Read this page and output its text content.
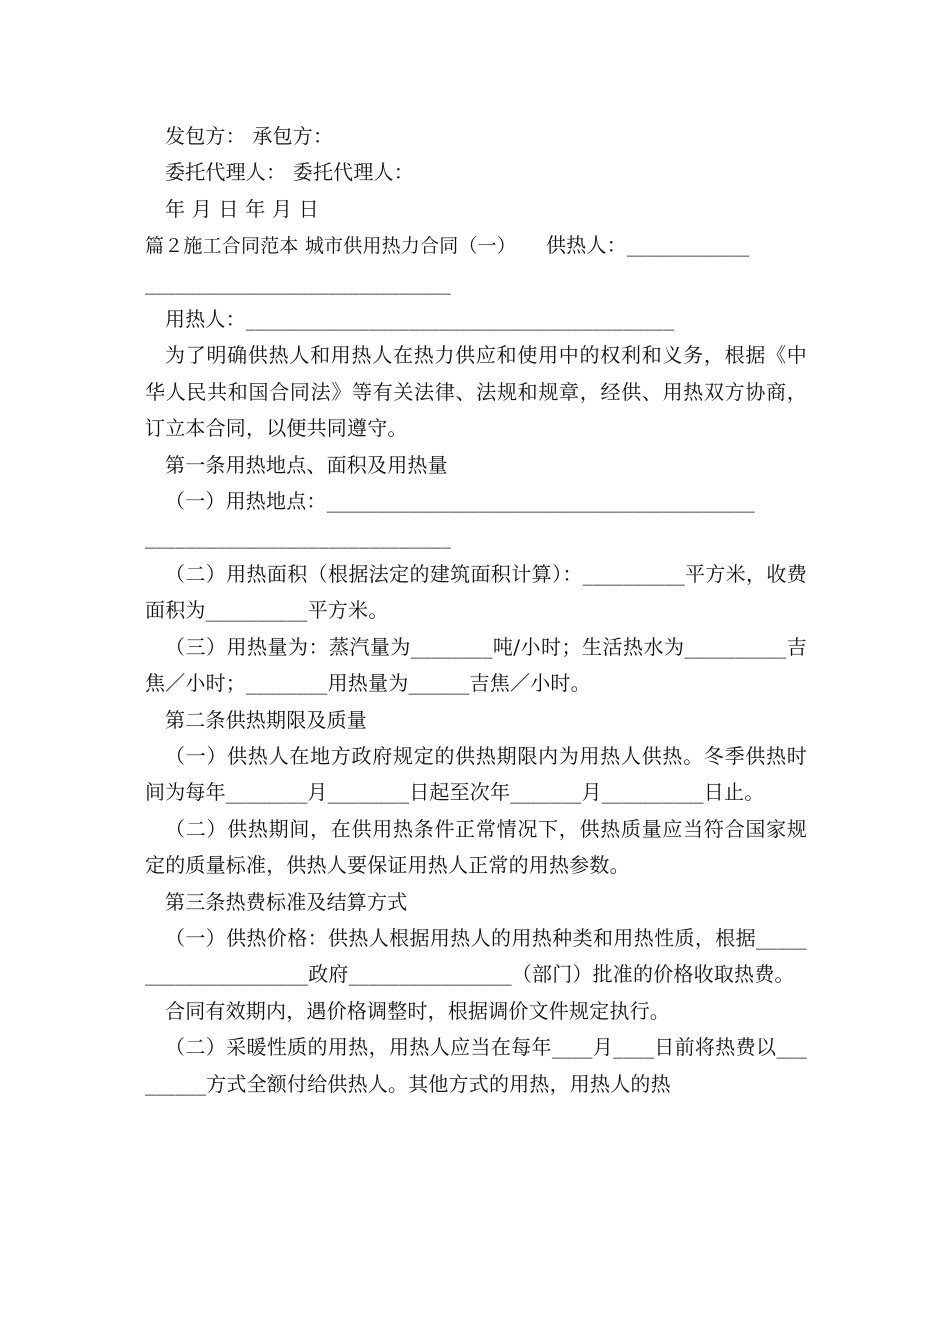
发包方： 承包方：
委托代理人： 委托代理人：
年 月 日 年 月 日
篇２施工合同范本 城市供用热力合同（一） 供热人：____________
______________________________
用热人：__________________________________________

为了明确供热人和用热人在热力供应和使用中的权利和义务，根据《中华人民共和国合同法》等有关法律、法规和规章，经供、用热双方协商，订立本合同，以便共同遵守。

第一条用热地点、面积及用热量
（一）用热地点：__________________________________________
______________________________

（二）用热面积（根据法定的建筑面积计算）：__________平方米，收费面积为__________平方米。

（三）用热量为：蒸汽量为________吨/小时；生活热水为__________吉焦／小时；________用热量为______吉焦／小时。

第二条供热期限及质量

（一）供热人在地方政府规定的供热期限内为用热人供热。冬季供热时间为每年________月________日起至次年_______月__________日止。

（二）供热期间，在供用热条件正常情况下，供热质量应当符合国家规定的质量标准，供热人要保证用热人正常的用热参数。

第三条热费标准及结算方式

（一）供热价格：供热人根据用热人的用热种类和用热性质，根据_____________________政府________________（部门）批准的价格收取热费。

合同有效期内，遇价格调整时，根据调价文件规定执行。

（二）采暖性质的用热，用热人应当在每年____月____日前将热费以_________方式全额付给供热人。其他方式的用热，用热人的热
